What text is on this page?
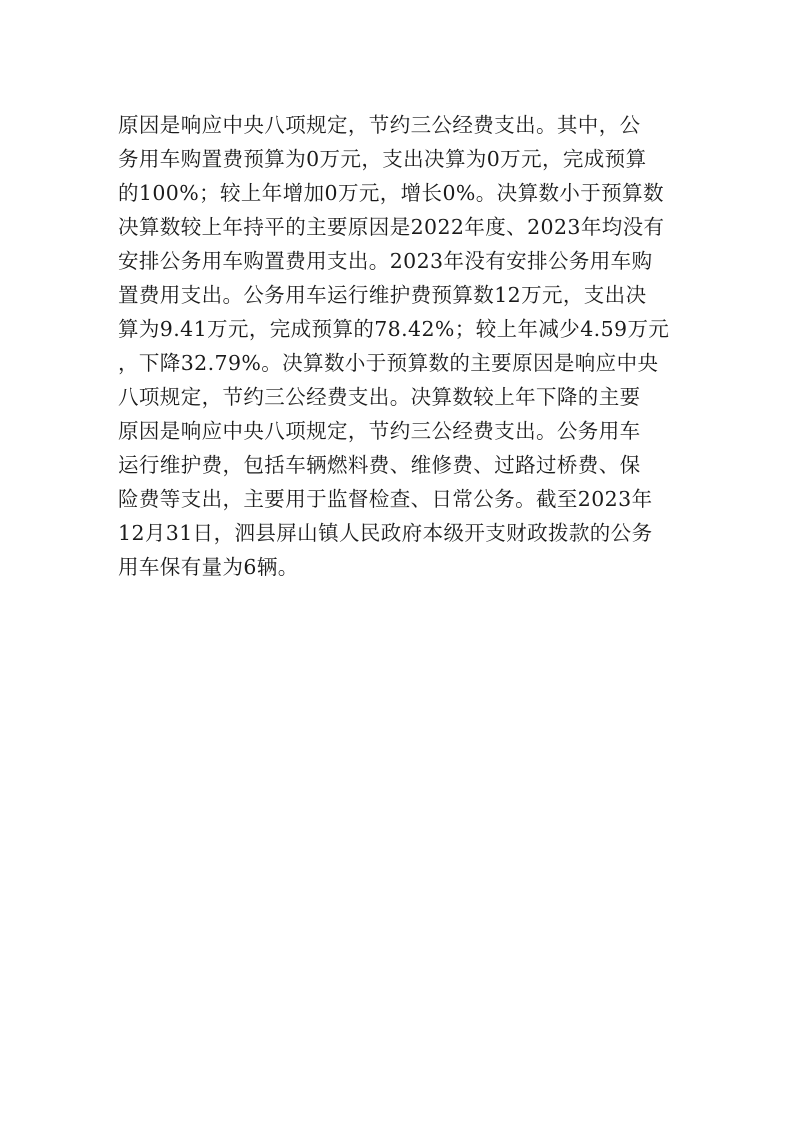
原因是响应中央八项规定，节约三公经费支出。其中，公
务用车购置费预算为0万元，支出决算为0万元，完成预算
的100%；较上年增加0万元，增长0%。决算数小于预算数
决算数较上年持平的主要原因是2022年度、2023年均没有
安排公务用车购置费用支出。2023年没有安排公务用车购
置费用支出。公务用车运行维护费预算数12万元，支出决
算为9.41万元，完成预算的78.42%；较上年减少4.59万元
，下降32.79%。决算数小于预算数的主要原因是响应中央
八项规定，节约三公经费支出。决算数较上年下降的主要
原因是响应中央八项规定，节约三公经费支出。公务用车
运行维护费，包括车辆燃料费、维修费、过路过桥费、保
险费等支出，主要用于监督检查、日常公务。截至2023年
12月31日，泗县屏山镇人民政府本级开支财政拨款的公务
用车保有量为6辆。
